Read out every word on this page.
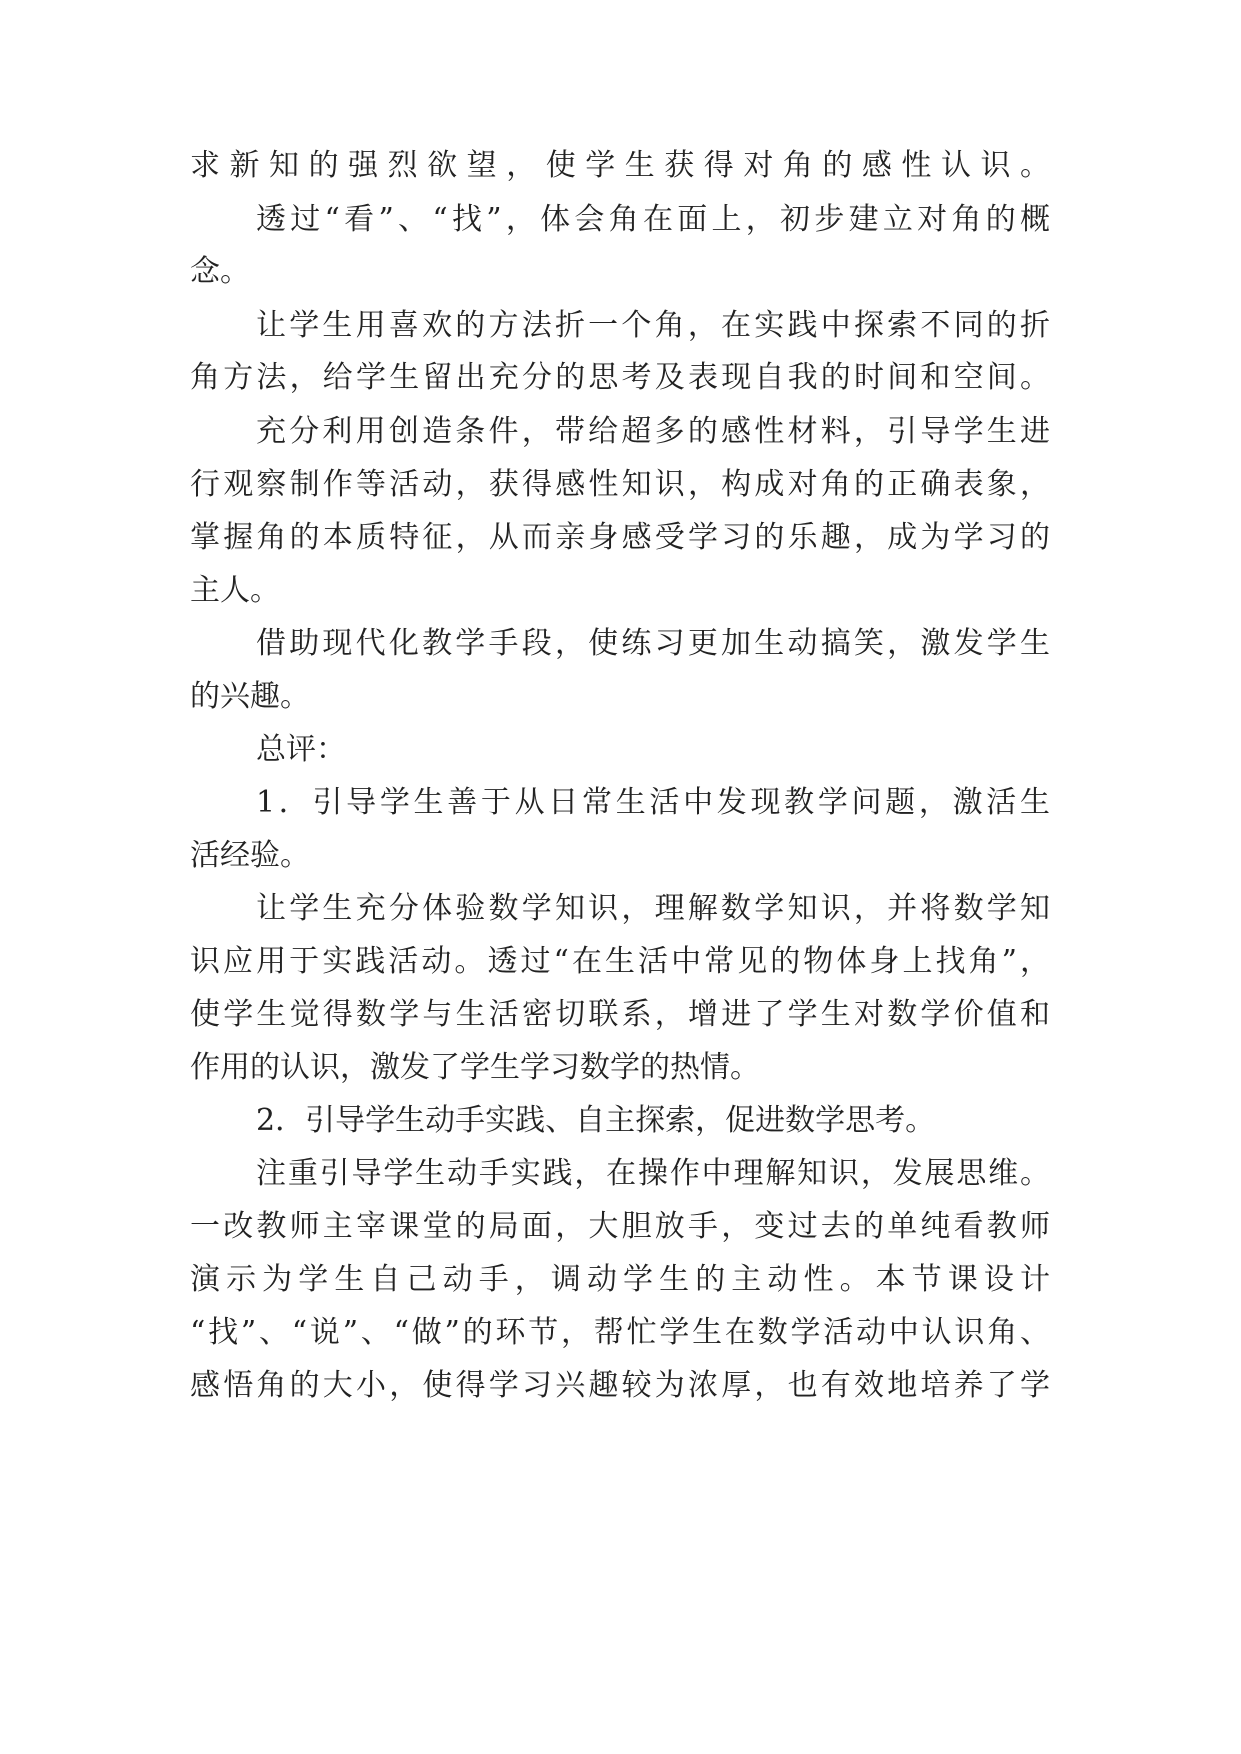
求新知的强烈欲望，使学生获得对角的感性认识。

透过“看”、“找”，体会角在面上，初步建立对角的概

念。

让学生用喜欢的方法折一个角，在实践中探索不同的折

角方法，给学生留出充分的思考及表现自我的时间和空间。

充分利用创造条件，带给超多的感性材料，引导学生进

行观察制作等活动，获得感性知识，构成对角的正确表象，

掌握角的本质特征，从而亲身感受学习的乐趣，成为学习的

主人。

借助现代化教学手段，使练习更加生动搞笑，激发学生

的兴趣。

总评：

1．引导学生善于从日常生活中发现教学问题，激活生

活经验。

让学生充分体验数学知识，理解数学知识，并将数学知

识应用于实践活动。透过“在生活中常见的物体身上找角”，

使学生觉得数学与生活密切联系，增进了学生对数学价值和

作用的认识，激发了学生学习数学的热情。

2．引导学生动手实践、自主探索，促进数学思考。

注重引导学生动手实践，在操作中理解知识，发展思维。

一改教师主宰课堂的局面，大胆放手，变过去的单纯看教师

演示为学生自己动手，调动学生的主动性。本节课设计

“找”、“说”、“做”的环节，帮忙学生在数学活动中认识角、

感悟角的大小，使得学习兴趣较为浓厚，也有效地培养了学
